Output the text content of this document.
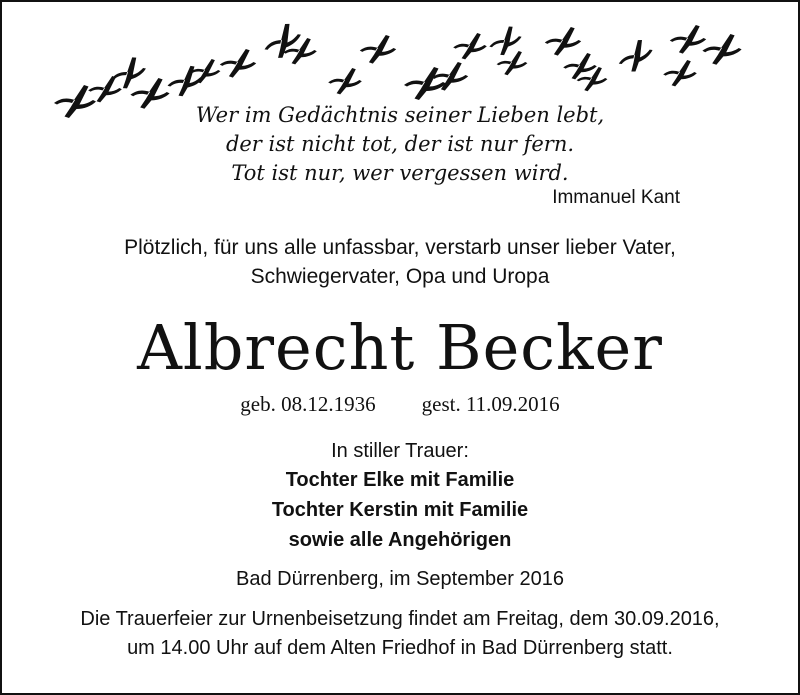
Wer im Gedächtnis seiner Lieben lebt,
der ist nicht tot, der ist nur fern.
Tot ist nur, wer vergessen wird.
Immanuel Kant
Plötzlich, für uns alle unfassbar, verstarb unser lieber Vater,
Schwiegervater, Opa und Uropa
Albrecht Becker
geb. 08.12.1936 gest. 11.09.2016
In stiller Trauer:
Tochter Elke mit Familie
Tochter Kerstin mit Familie
sowie alle Angehörigen
Bad Dürrenberg, im September 2016
Die Trauerfeier zur Urnenbeisetzung findet am Freitag, dem 30.09.2016,
um 14.00 Uhr auf dem Alten Friedhof in Bad Dürrenberg statt.
